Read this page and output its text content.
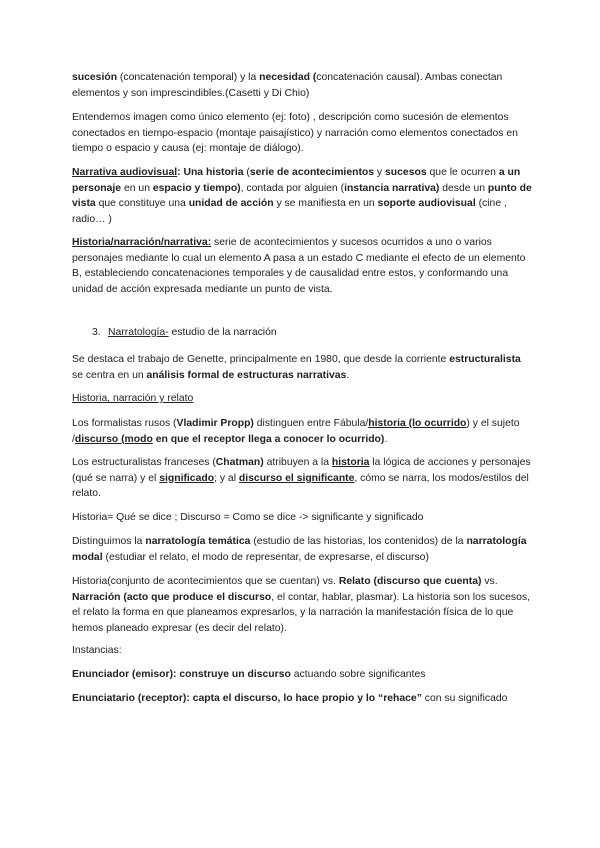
sucesión (concatenación temporal) y la necesidad (concatenación causal). Ambas conectan elementos y son imprescindibles.(Casetti y Di Chio)

Entendemos imagen como único elemento (ej: foto) , descripción como sucesión de elementos conectados en tiempo-espacio (montaje paisajístico) y narración como elementos conectados en tiempo o espacio y causa (ej: montaje de diálogo).

Narrativa audiovisual: Una historia (serie de acontecimientos y sucesos que le ocurren a un personaje en un espacio y tiempo), contada por alguien (instancia narrativa) desde un punto de vista que constituye una unidad de acción y se manifiesta en un soporte audiovisual (cine , radio… )

Historia/narración/narrativa: serie de acontecimientos y sucesos ocurridos a uno o varios personajes mediante lo cual un elemento A pasa a un estado C mediante el efecto de un elemento B, estableciendo concatenaciones temporales y de causalidad entre estos, y conformando una unidad de acción expresada mediante un punto de vista.

3. Narratología- estudio de la narración

Se destaca el trabajo de Genette, principalmente en 1980, que desde la corriente estructuralista se centra en un análisis formal de estructuras narrativas.

Historia, narración y relato

Los formalistas rusos (Vladimir Propp) distinguen entre Fábula/historia (lo ocurrido) y el sujeto /discurso (modo en que el receptor llega a conocer lo ocurrido).

Los estructuralistas franceses (Chatman) atribuyen a la historia la lógica de acciones y personajes (qué se narra) y el significado; y al discurso el significante, cómo se narra, los modos/estilos del relato.

Historia= Qué se dice ; Discurso = Como se dice -> significante y significado

Distinguimos la narratología temática (estudio de las historias, los contenidos) de la narratología modal (estudiar el relato, el modo de representar, de expresarse, el discurso)

Historia(conjunto de acontecimientos que se cuentan) vs. Relato (discurso que cuenta) vs. Narración (acto que produce el discurso, el contar, hablar, plasmar). La historia son los sucesos, el relato la forma en que planeamos expresarlos, y la narración la manifestación física de lo que hemos planeado expresar (es decir del relato).

Instancias:

Enunciador (emisor): construye un discurso actuando sobre significantes

Enunciatario (receptor): capta el discurso, lo hace propio y lo “rehace” con su significado
